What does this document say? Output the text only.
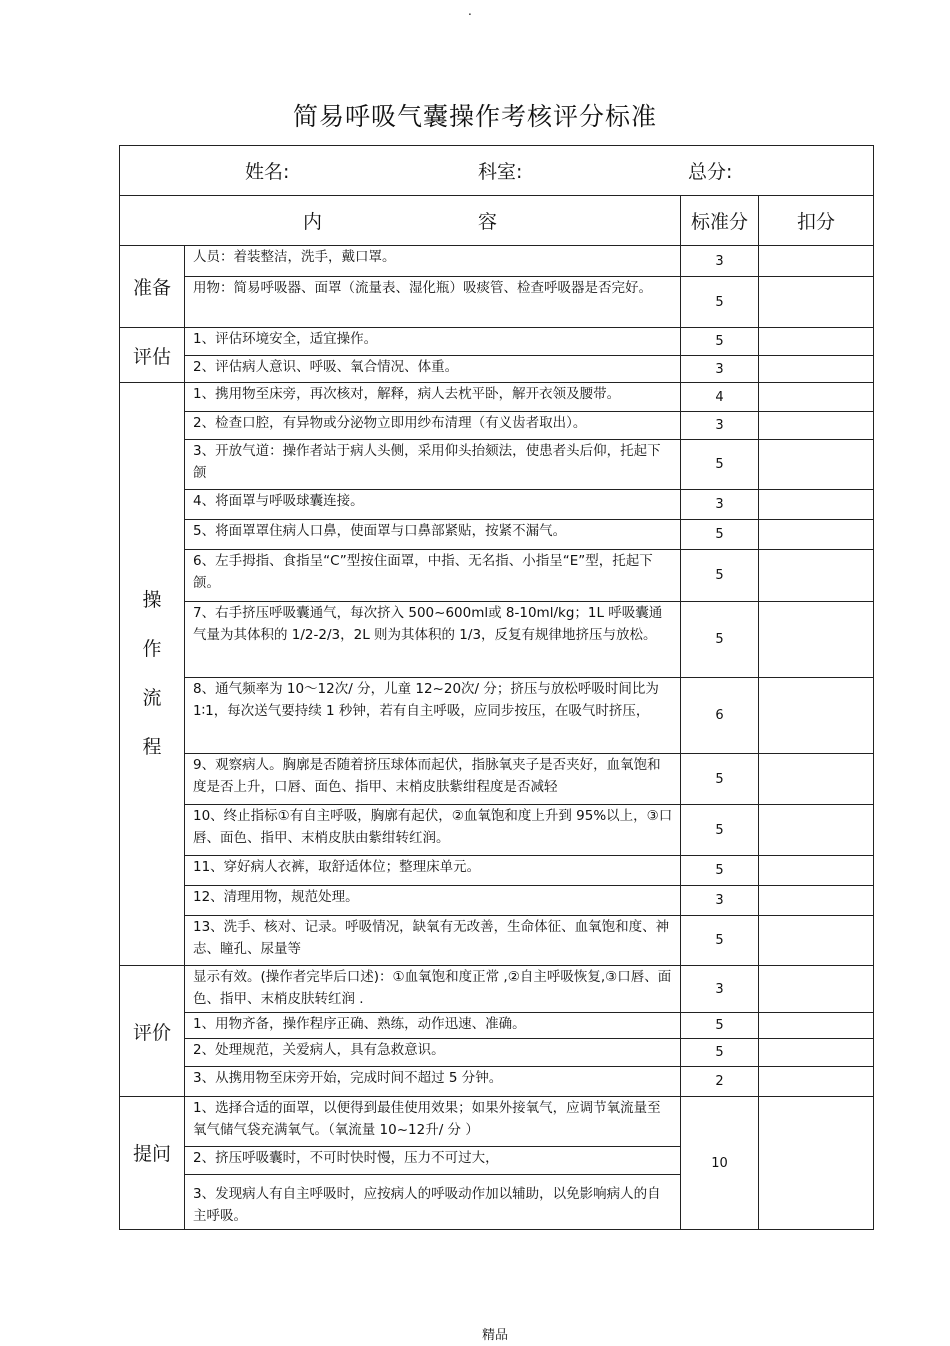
.
简易呼吸气囊操作考核评分标准
姓名: 科室: 总分:			

内 容		标准分	扣分
准备	人员：着装整洁，洗手，戴口罩。	3	
	用物：简易呼吸器、面罩（流量表、湿化瓶）吸痰管、检查呼吸器是否完好。	5	
评估	1、评估环境安全，适宜操作。	5	
	2、评估病人意识、呼吸、氧合情况、体重。	3	

操
作
流
程	1、携用物至床旁，再次核对，解释，病人去枕平卧，解开衣领及腰带。	4	
	2、检查口腔，有异物或分泌物立即用纱布清理（有义齿者取出）。	3	
	3、开放气道：操作者站于病人头侧，采用仰头抬颏法，使患者头后仰，托起下颌	5	
	4、将面罩与呼吸球囊连接。	3	
	5、将面罩罩住病人口鼻，使面罩与口鼻部紧贴，按紧不漏气。	5	
	6、左手拇指、食指呈“C”型按住面罩，中指、无名指、小指呈“E”型，托起下颌。	5	
	7、右手挤压呼吸囊通气，每次挤入 500~600ml或 8-10ml/kg；1L 呼吸囊通气量为其体积的 1/2-2/3，2L 则为其体积的 1/3，反复有规律地挤压与放松。	5	
	8、通气频率为 10～12次/ 分，儿童 12~20次/ 分；挤压与放松呼吸时间比为 1∶1，每次送气要持续 1 秒钟，若有自主呼吸，应同步按压，在吸气时挤压，	6	
	9、观察病人。胸廓是否随着挤压球体而起伏，指脉氧夹子是否夹好，血氧饱和度是否上升，口唇、面色、指甲、末梢皮肤紫绀程度是否减轻	5	
	10、终止指标①有自主呼吸，胸廓有起伏，②血氧饱和度上升到 95%以上，③口唇、面色、指甲、末梢皮肤由紫绀转红润。	5	
	11、穿好病人衣裤，取舒适体位；整理床单元。	5	
	12、清理用物，规范处理。	3	
	13、洗手、核对、记录。呼吸情况，缺氧有无改善，生命体征、血氧饱和度、神志、瞳孔、尿量等	5	
评价	显示有效。(操作者完毕后口述)：①血氧饱和度正常 ,②自主呼吸恢复,③口唇、面色、指甲、末梢皮肤转红润 .	3	
	1、用物齐备，操作程序正确、熟练，动作迅速、准确。	5	
	2、处理规范，关爱病人，具有急救意识。	5	
	3、从携用物至床旁开始，完成时间不超过 5 分钟。	2	

提问	1、选择合适的面罩，以便得到最佳使用效果；如果外接氧气，应调节氧流量至氧气储气袋充满氧气。（氧流量 10~12升/ 分 ）	10	
	2、挤压呼吸囊时，不可时快时慢，压力不可过大，		
	3、发现病人有自主呼吸时，应按病人的呼吸动作加以辅助，以免影响病人的自主呼吸。		
精品
